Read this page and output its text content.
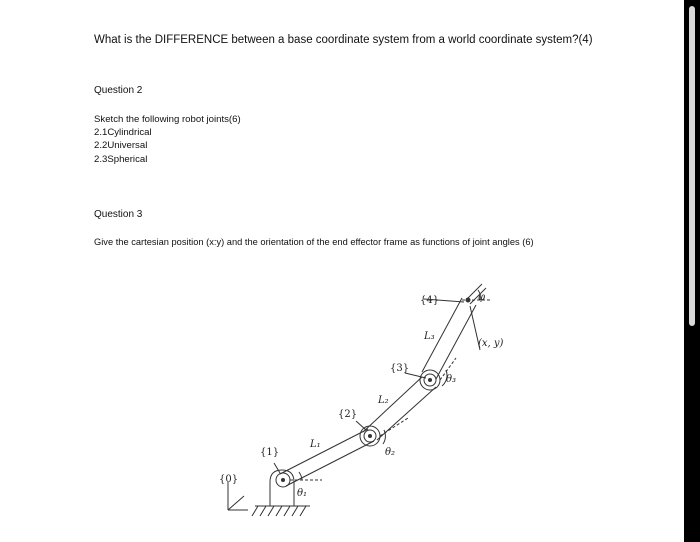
What is the DIFFERENCE between a base coordinate system from a world coordinate system?(4)

Question 2

Sketch the following robot joints(6)

2.1Cylindrical

2.2Universal

2.3Spherical

Question 3

Give the cartesian position (x:y) and the orientation of the end effector frame as functions of joint angles (6)

{0}
{1}
{2}
{3}
{4}
L₁
L₂
L₃
θ₁
θ₂
θ₃
φ
(x, y)
